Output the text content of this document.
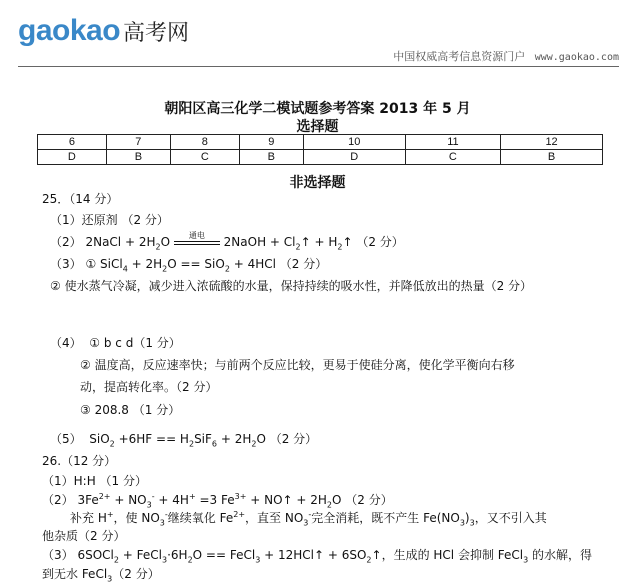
gaokao 高考网
中国权威高考信息资源门户 www.gaokao.com
朝阳区高三化学二模试题参考答案 2013 年 5 月
选择题
6	7	8	9	10	11	12
D	B	C	B	D	C	B
非选择题
25．（14 分）
（1）还原剂 （2 分）
（2） 2NaCl + $2H_2O$	通电	2NaOH + $Cl_2↑$ + $H_2↑$ （2 分）
（3） ① SiCl$_4$ + $2H_2O == SiO_2 + 4HCl$ （2 分）
② 使水蒸气冷凝，减少进入浓硫酸的水量，保持持续的吸水性，并降低放出的热量（2 分）
（4） ① b c d（1 分）
② 温度高，反应速率快；与前两个反应比较，更易于使硅分离，使化学平衡向右移
动，提高转化率。（2 分）
③ 208.8 （1 分）
（5）  $SiO_2 +6HF == H_2SiF_6 + 2H_2O$ （2 分）
26.（12 分）
（1）H:H （1 分）
（2） $3Fe^{2+} + NO_3^- + 4H^+ =3$ $Fe^{3+}$ + NO↑ + $2H_2O$ （2 分）
补充 H+，使 $NO_3^-$继续氧化 $Fe^{2+}$，直至 $NO_3^-$完全消耗，既不产生 $Fe(NO_3)_3$，又不引入其
他杂质（2 分）
（3） 6SOCl$_2$ + $FeCl_3\cdot 6H_2O$ == FeCl$_3$ + 12HCl↑ + $6SO_2↑$，生成的 HCl 会抑制 FeCl$_3$ 的水解，得
到无水 FeCl$_3$（2 分）
